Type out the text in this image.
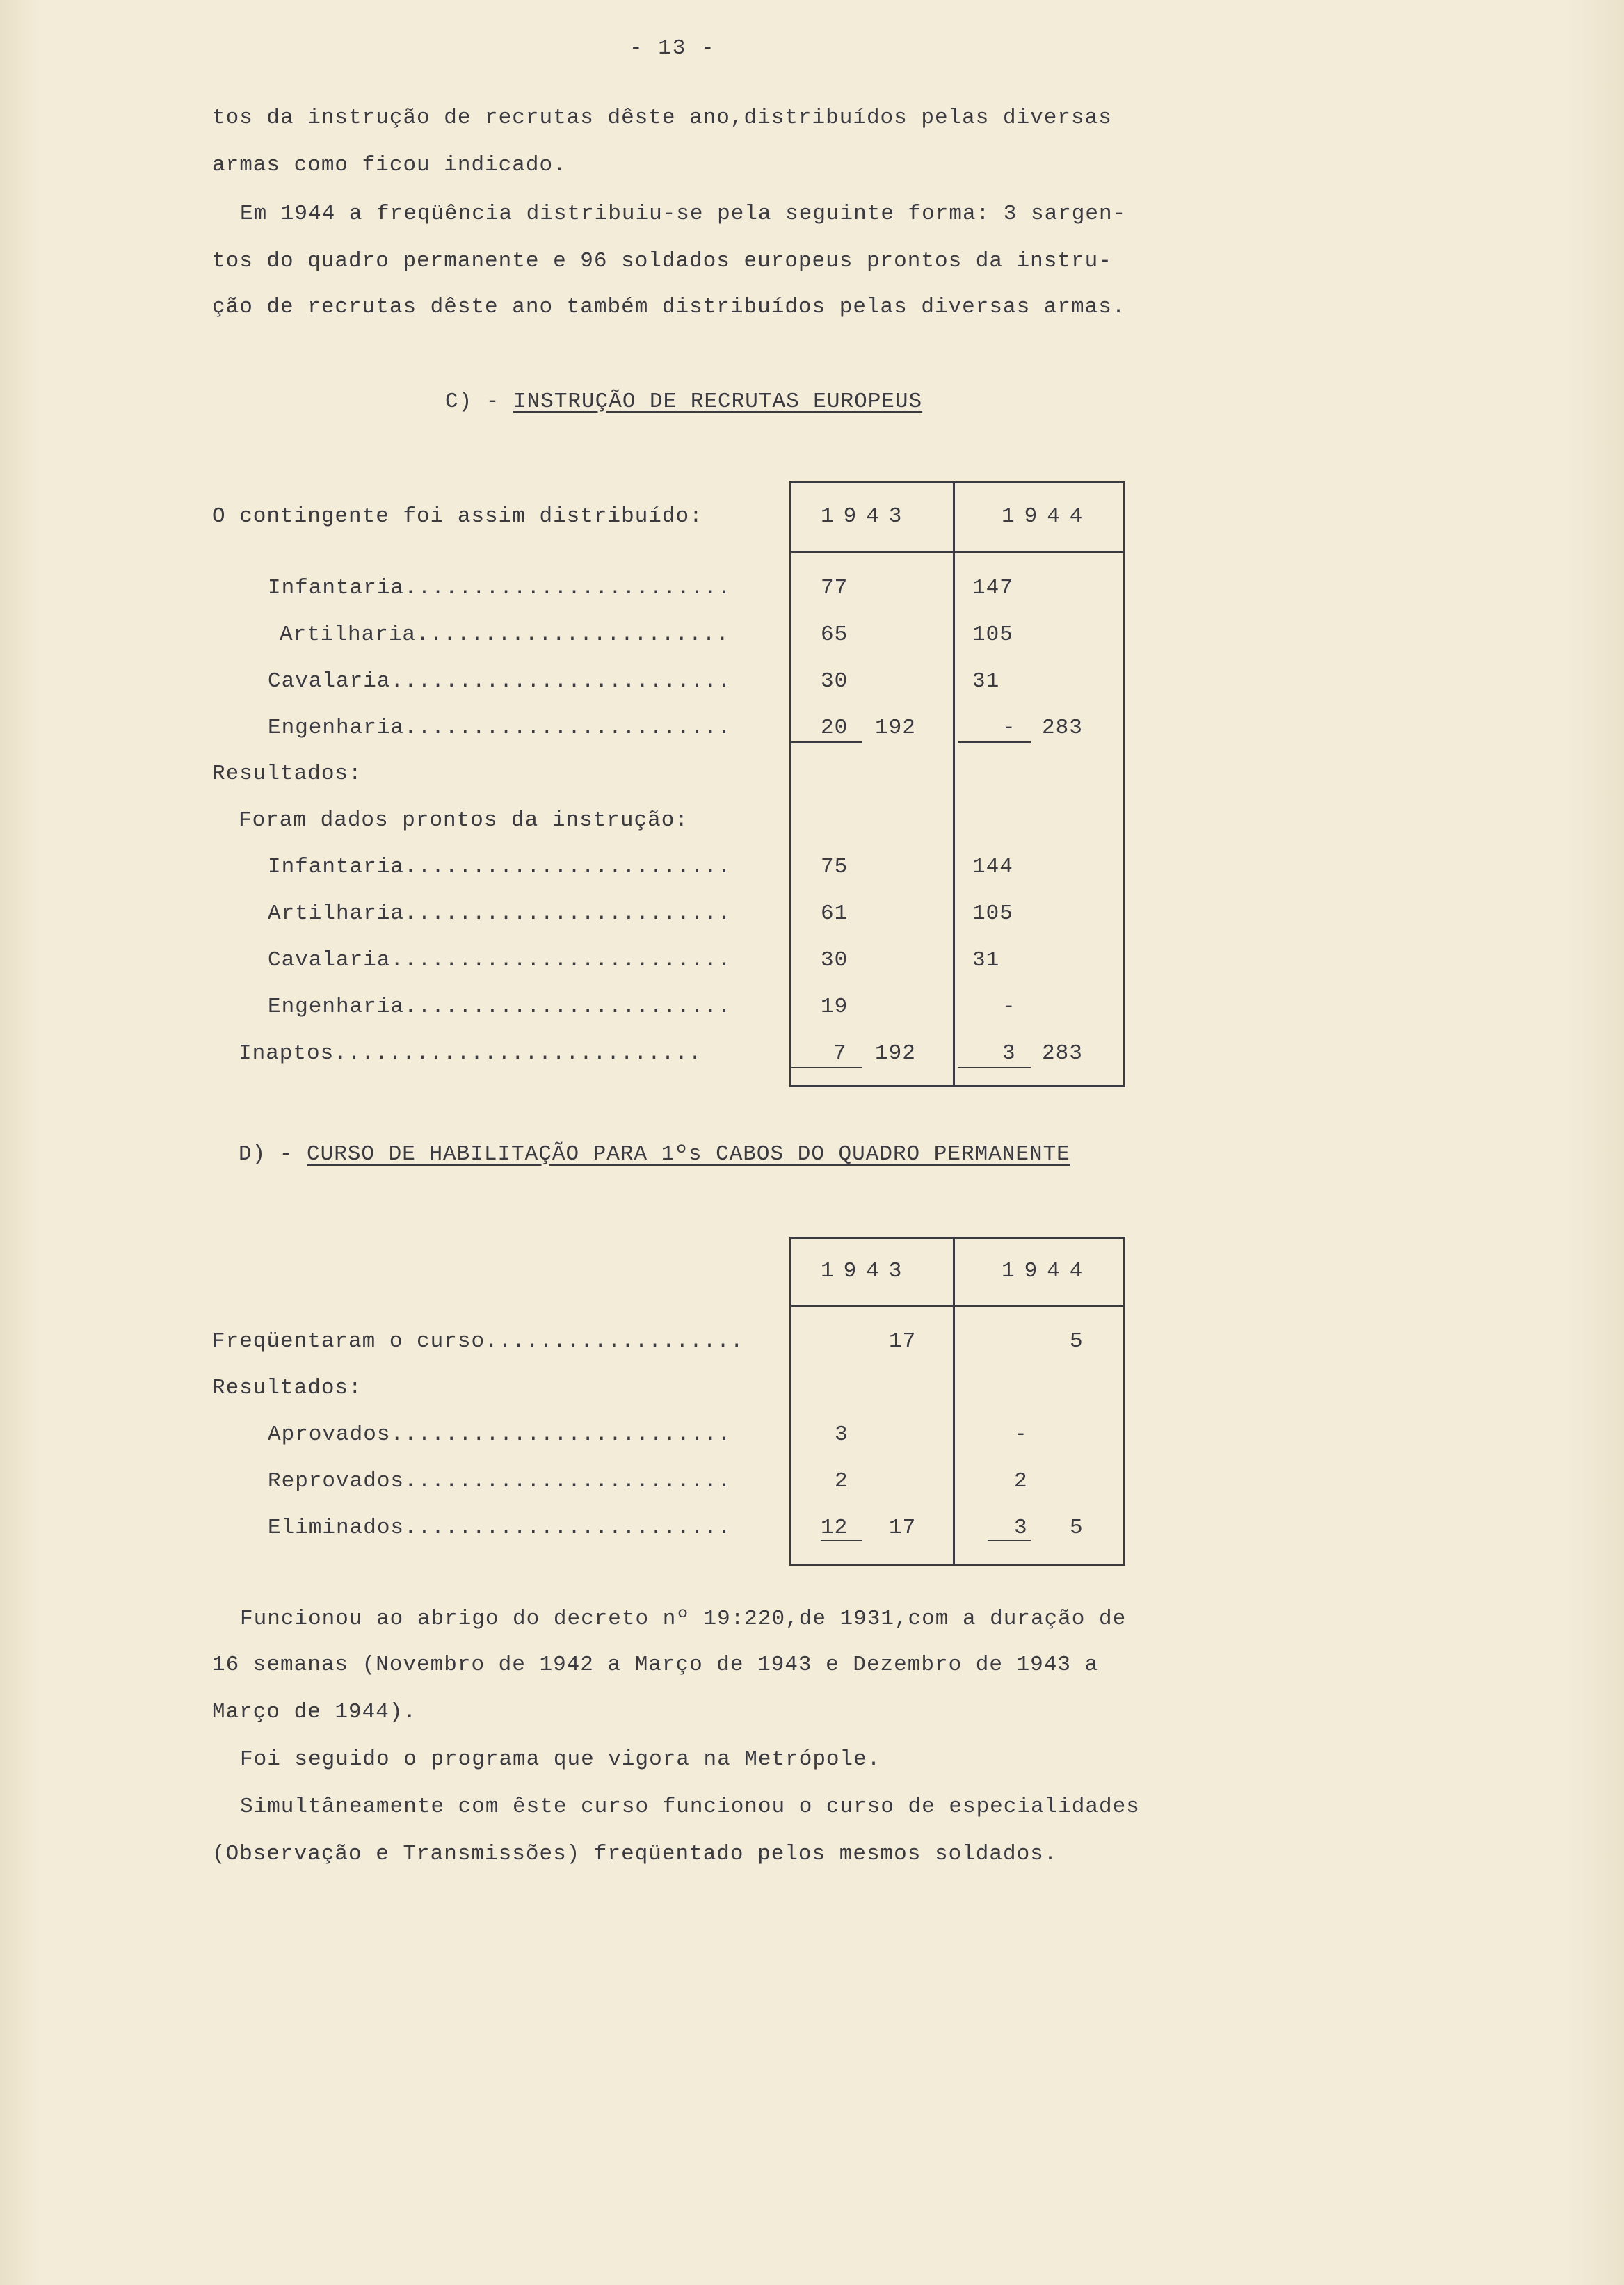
- 13 -
tos da instrução de recrutas dêste ano,distribuídos pelas diversas
armas como ficou indicado.
Em 1944 a freqüência distribuiu-se pela seguinte forma: 3 sargen-
tos do quadro permanente e 96 soldados europeus prontos da instru-
ção de recrutas dêste ano também distribuídos pelas diversas armas.
C) - INSTRUÇÃO DE RECRUTAS EUROPEUS
O contingente foi assim distribuído:	1943	1944
Infantaria........................	77	147
Artilharia.......................	65	105
Cavalaria.........................	30	31
Engenharia........................	20 192	- 283
Resultados:
Foram dados prontos da instrução:
Infantaria........................	75	144
Artilharia........................	61	105
Cavalaria.........................	30	31
Engenharia........................	19	-
Inaptos...........................	7 192	3 283
D) - CURSO DE HABILITAÇÃO PARA 1ºs CABOS DO QUADRO PERMANENTE
1943	1944
Freqüentaram o curso...................	17	5
Resultados:
Aprovados.........................	3	-
Reprovados........................	2	2
Eliminados........................	12 17	3 5
Funcionou ao abrigo do decreto nº 19:220,de 1931,com a duração de
16 semanas (Novembro de 1942 a Março de 1943 e Dezembro de 1943 a
Março de 1944).
Foi seguido o programa que vigora na Metrópole.
Simultâneamente com êste curso funcionou o curso de especialidades
(Observação e Transmissões) freqüentado pelos mesmos soldados.
